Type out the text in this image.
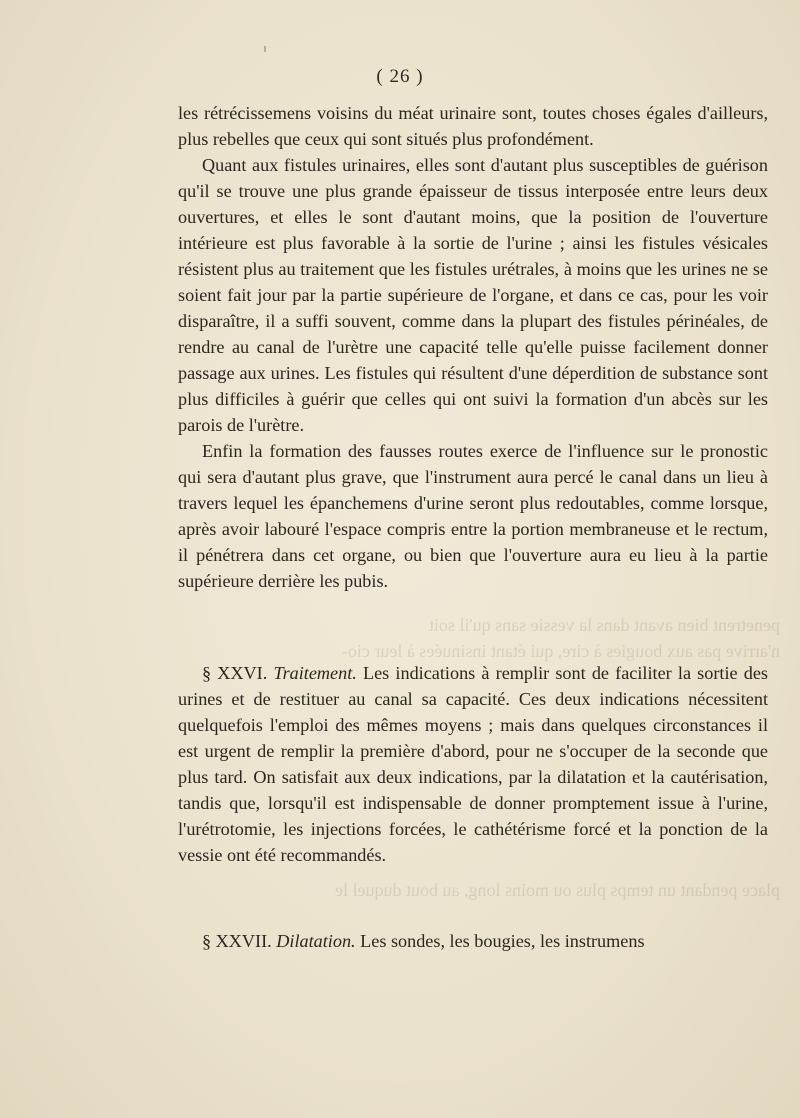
penetrent bien avant dans la vessie sans qu'il soit
n'arrive pas aux bougies à cire, qui étant insinuées à leur cio-
place pendant un temps plus ou moins long, au bout duquel le
( 26 )

les rétrécissemens voisins du méat urinaire sont, toutes choses égales d'ailleurs, plus rebelles que ceux qui sont situés plus profondément.

Quant aux fistules urinaires, elles sont d'autant plus susceptibles de guérison qu'il se trouve une plus grande épaisseur de tissus interposée entre leurs deux ouvertures, et elles le sont d'autant moins, que la position de l'ouverture intérieure est plus favorable à la sortie de l'urine ; ainsi les fistules vésicales résistent plus au traitement que les fistules urétrales, à moins que les urines ne se soient fait jour par la partie supérieure de l'organe, et dans ce cas, pour les voir disparaître, il a suffi souvent, comme dans la plupart des fistules périnéales, de rendre au canal de l'urètre une capacité telle qu'elle puisse facilement donner passage aux urines. Les fistules qui résultent d'une déperdition de substance sont plus difficiles à guérir que celles qui ont suivi la formation d'un abcès sur les parois de l'urètre.

Enfin la formation des fausses routes exerce de l'influence sur le pronostic qui sera d'autant plus grave, que l'instrument aura percé le canal dans un lieu à travers lequel les épanchemens d'urine seront plus redoutables, comme lorsque, après avoir labouré l'espace compris entre la portion membraneuse et le rectum, il pénétrera dans cet organe, ou bien que l'ouverture aura eu lieu à la partie supérieure derrière les pubis.

§ XXVI. Traitement. Les indications à remplir sont de faciliter la sortie des urines et de restituer au canal sa capacité. Ces deux indications nécessitent quelquefois l'emploi des mêmes moyens ; mais dans quelques circonstances il est urgent de remplir la première d'abord, pour ne s'occuper de la seconde que plus tard. On satisfait aux deux indications, par la dilatation et la cautérisation, tandis que, lorsqu'il est indispensable de donner promptement issue à l'urine, l'urétrotomie, les injections forcées, le cathétérisme forcé et la ponction de la vessie ont été recommandés.

§ XXVII. Dilatation. Les sondes, les bougies, les instrumens
